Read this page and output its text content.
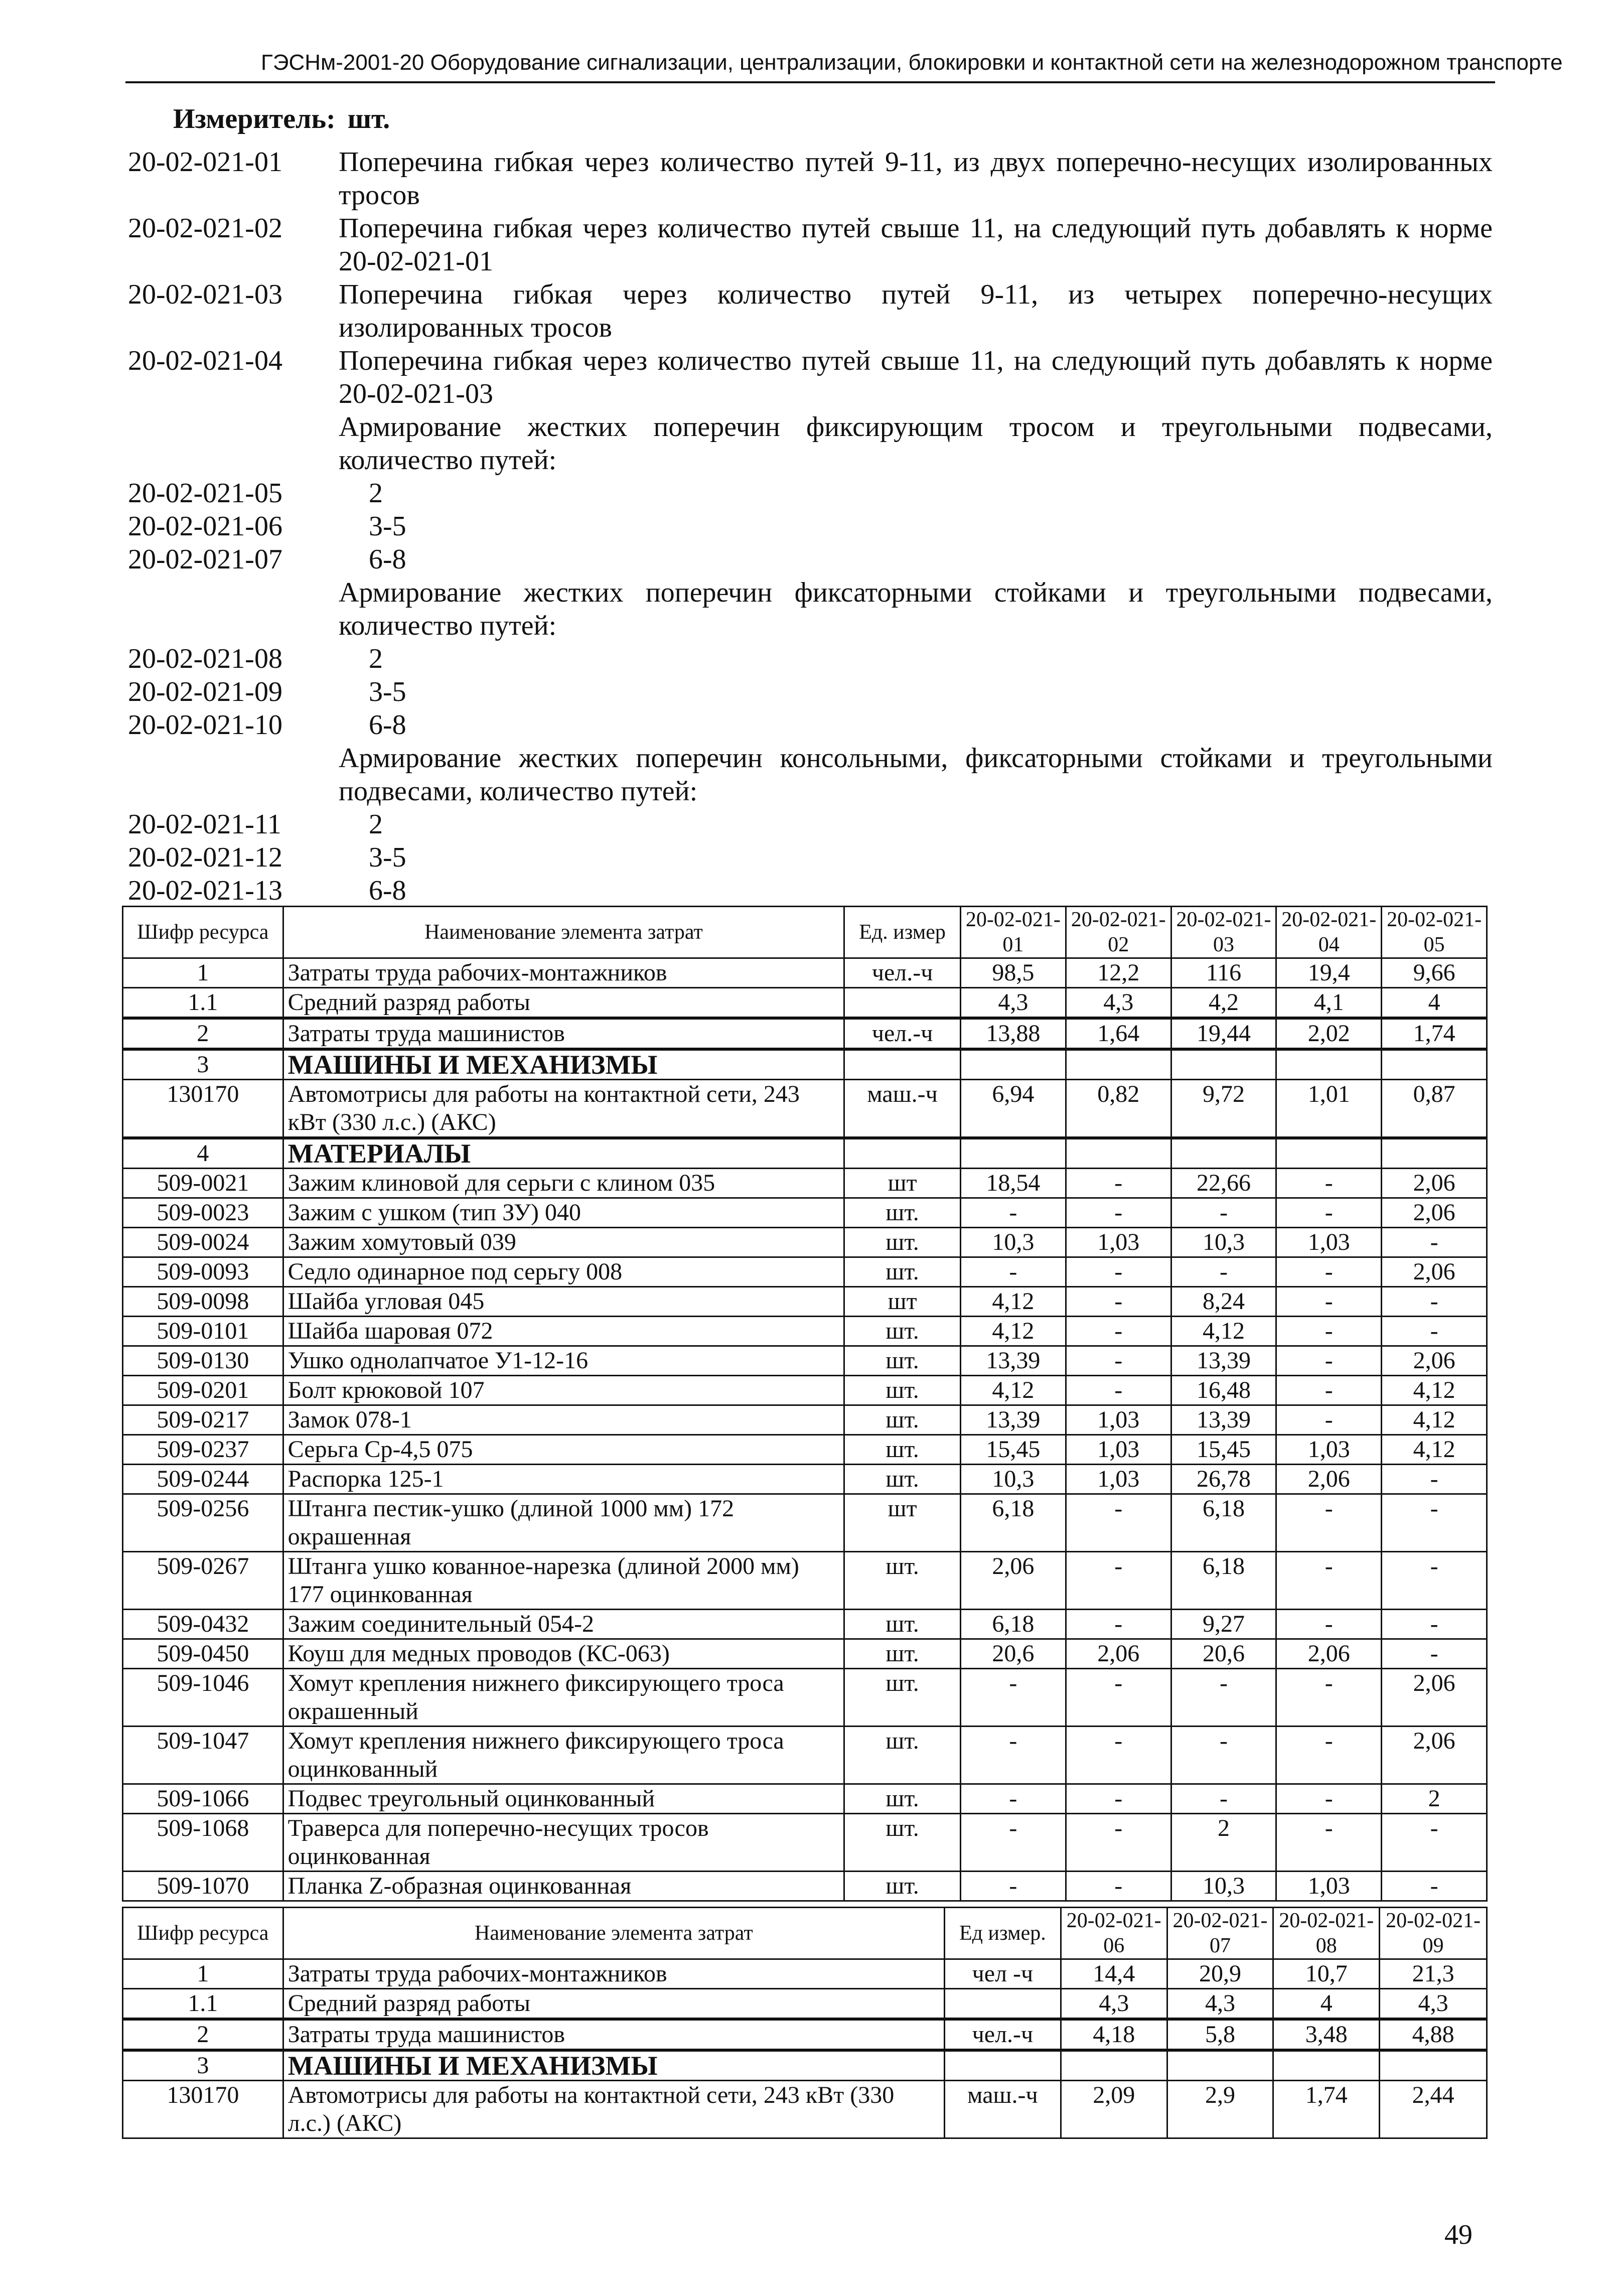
ГЭСНм-2001-20 Оборудование сигнализации, централизации, блокировки и контактной сети на железнодорожном транспорте
Измеритель: шт.
20-02-021-01	Поперечина гибкая через количество путей 9-11, из двух поперечно-несущих изолированных тросов
20-02-021-02	Поперечина гибкая через количество путей свыше 11, на следующий путь добавлять к норме 20-02-021-01
20-02-021-03	Поперечина гибкая через количество путей 9-11, из четырех поперечно-несущих изолированных тросов
20-02-021-04	Поперечина гибкая через количество путей свыше 11, на следующий путь добавлять к норме 20-02-021-03
Армирование жестких поперечин фиксирующим тросом и треугольными подвесами, количество путей:
20-02-021-05	2
20-02-021-06	3-5
20-02-021-07	6-8
Армирование жестких поперечин фиксаторными стойками и треугольными подвесами, количество путей:
20-02-021-08	2
20-02-021-09	3-5
20-02-021-10	6-8
Армирование жестких поперечин консольными, фиксаторными стойками и треугольными подвесами, количество путей:
20-02-021-11	2
20-02-021-12	3-5
20-02-021-13	6-8
Шифр ресурса	Наименование элемента затрат	Ед. измер	20-02-021-01	20-02-021-02	20-02-021-03	20-02-021-04	20-02-021-05
1	Затраты труда рабочих-монтажников	чел.-ч	98,5	12,2	116	19,4	9,66
1.1	Средний разряд работы		4,3	4,3	4,2	4,1	4
2	Затраты труда машинистов	чел.-ч	13,88	1,64	19,44	2,02	1,74
3	МАШИНЫ И МЕХАНИЗМЫ						
130170	Автомотрисы для работы на контактной сети, 243 кВт (330 л.с.) (АКС)	маш.-ч	6,94	0,82	9,72	1,01	0,87
4	МАТЕРИАЛЫ						
509-0021	Зажим клиновой для серьги с клином 035	шт	18,54	-	22,66	-	2,06
509-0023	Зажим с ушком (тип ЗУ) 040	шт.	-	-	-	-	2,06
509-0024	Зажим хомутовый 039	шт.	10,3	1,03	10,3	1,03	-
509-0093	Седло одинарное под серьгу 008	шт.	-	-	-	-	2,06
509-0098	Шайба угловая 045	шт	4,12	-	8,24	-	-
509-0101	Шайба шаровая 072	шт.	4,12	-	4,12	-	-
509-0130	Ушко однолапчатое У1-12-16	шт.	13,39	-	13,39	-	2,06
509-0201	Болт крюковой 107	шт.	4,12	-	16,48	-	4,12
509-0217	Замок 078-1	шт.	13,39	1,03	13,39	-	4,12
509-0237	Серьга Ср-4,5 075	шт.	15,45	1,03	15,45	1,03	4,12
509-0244	Распорка 125-1	шт.	10,3	1,03	26,78	2,06	-
509-0256	Штанга пестик-ушко (длиной 1000 мм) 172 окрашенная	шт	6,18	-	6,18	-	-
509-0267	Штанга ушко кованное-нарезка (длиной 2000 мм) 177 оцинкованная	шт.	2,06	-	6,18	-	-
509-0432	Зажим соединительный 054-2	шт.	6,18	-	9,27	-	-
509-0450	Коуш для медных проводов (КС-063)	шт.	20,6	2,06	20,6	2,06	-
509-1046	Хомут крепления нижнего фиксирующего троса окрашенный	шт.	-	-	-	-	2,06
509-1047	Хомут крепления нижнего фиксирующего троса оцинкованный	шт.	-	-	-	-	2,06
509-1066	Подвес треугольный оцинкованный	шт.	-	-	-	-	2
509-1068	Траверса для поперечно-несущих тросов оцинкованная	шт.	-	-	2	-	-
509-1070	Планка Z-образная оцинкованная	шт.	-	-	10,3	1,03	-
Шифр ресурса	Наименование элемента затрат	Ед измер.	20-02-021-06	20-02-021-07	20-02-021-08	20-02-021-09
1	Затраты труда рабочих-монтажников	чел -ч	14,4	20,9	10,7	21,3
1.1	Средний разряд работы		4,3	4,3	4	4,3
2	Затраты труда машинистов	чел.-ч	4,18	5,8	3,48	4,88
3	МАШИНЫ И МЕХАНИЗМЫ					
130170	Автомотрисы для работы на контактной сети, 243 кВт (330 л.с.) (АКС)	маш.-ч	2,09	2,9	1,74	2,44
49
